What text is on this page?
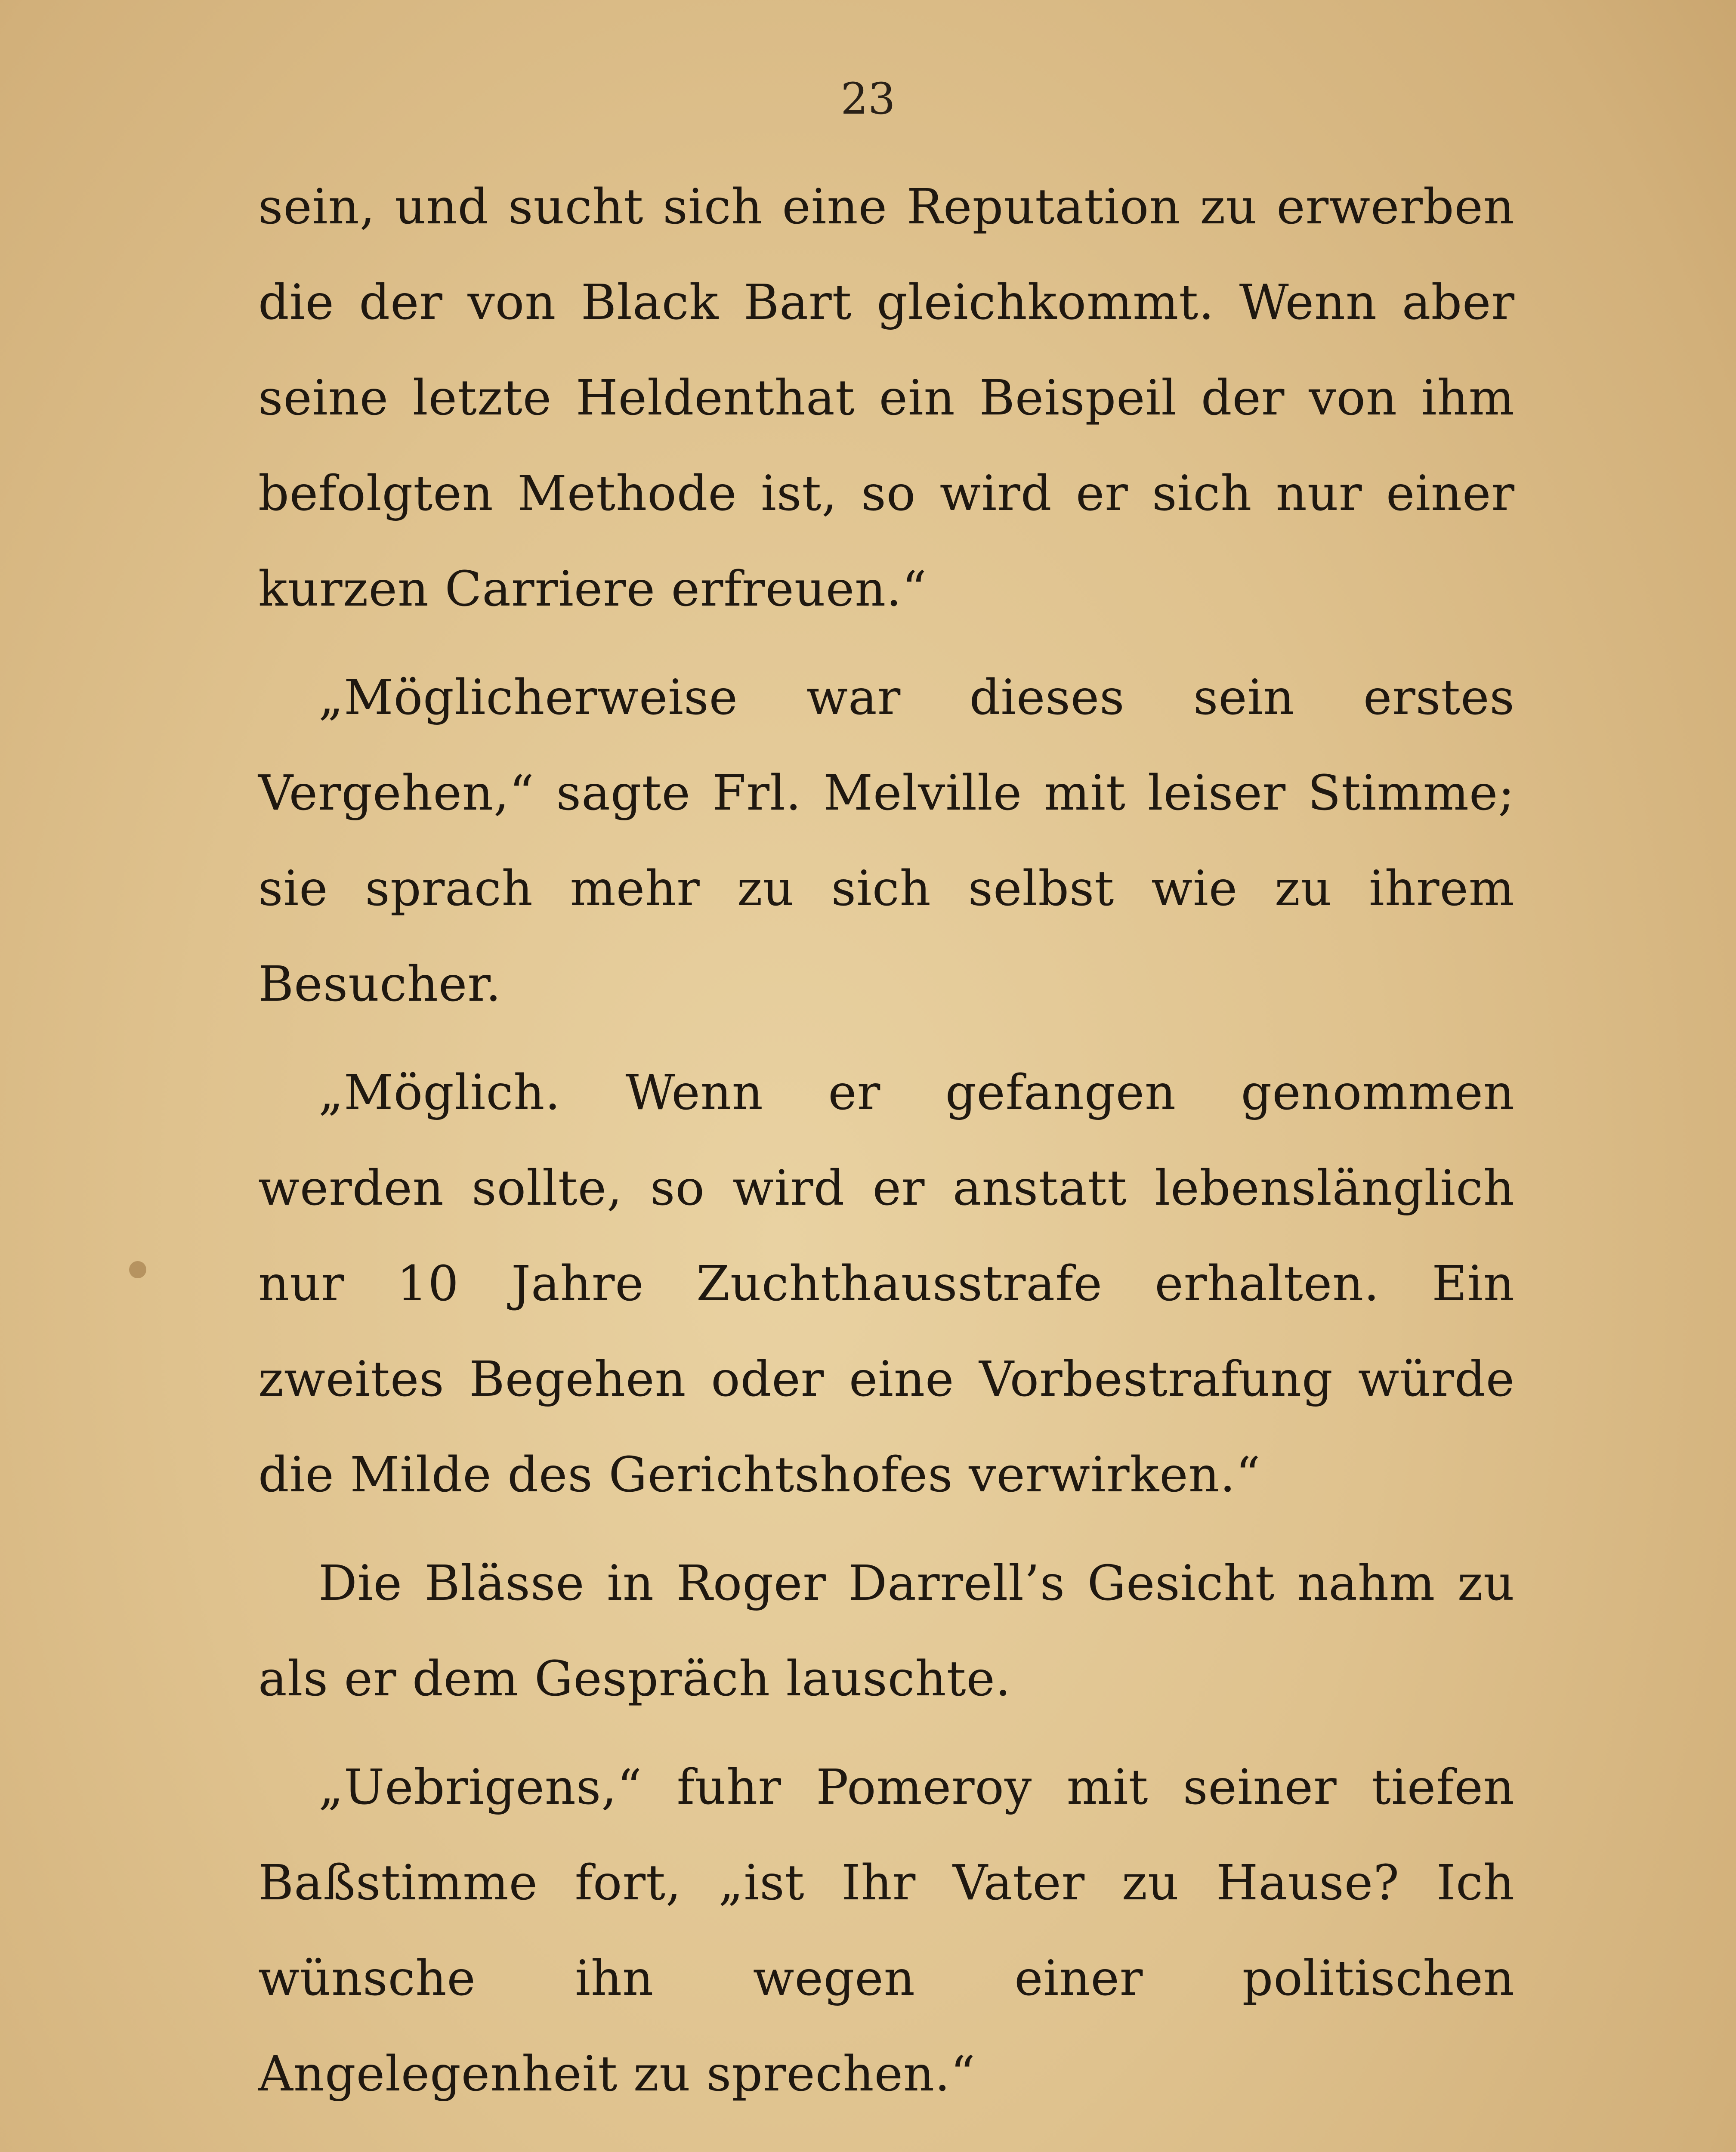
23

sein, und sucht sich eine Reputation zu erwerben die der von Black Bart gleichkommt. Wenn aber seine letzte Heldenthat ein Beispeil der von ihm befolgten Methode ist, so wird er sich nur einer kurzen Carriere erfreuen.“

„Möglicherweise war dieses sein erstes Vergehen,“ sagte Frl. Melville mit leiser Stimme; sie sprach mehr zu sich selbst wie zu ihrem Besucher.

„Möglich. Wenn er gefangen genommen werden sollte, so wird er anstatt lebenslänglich nur 10 Jahre Zuchthausstrafe erhalten. Ein zweites Begehen oder eine Vorbestrafung würde die Milde des Gerichtshofes verwirken.“

Die Blässe in Roger Darrell’s Gesicht nahm zu als er dem Gespräch lauschte.

„Uebrigens,“ fuhr Pomeroy mit seiner tiefen Baßstimme fort, „ist Ihr Vater zu Hause? Ich wünsche ihn wegen einer politischen Angelegenheit zu sprechen.“
